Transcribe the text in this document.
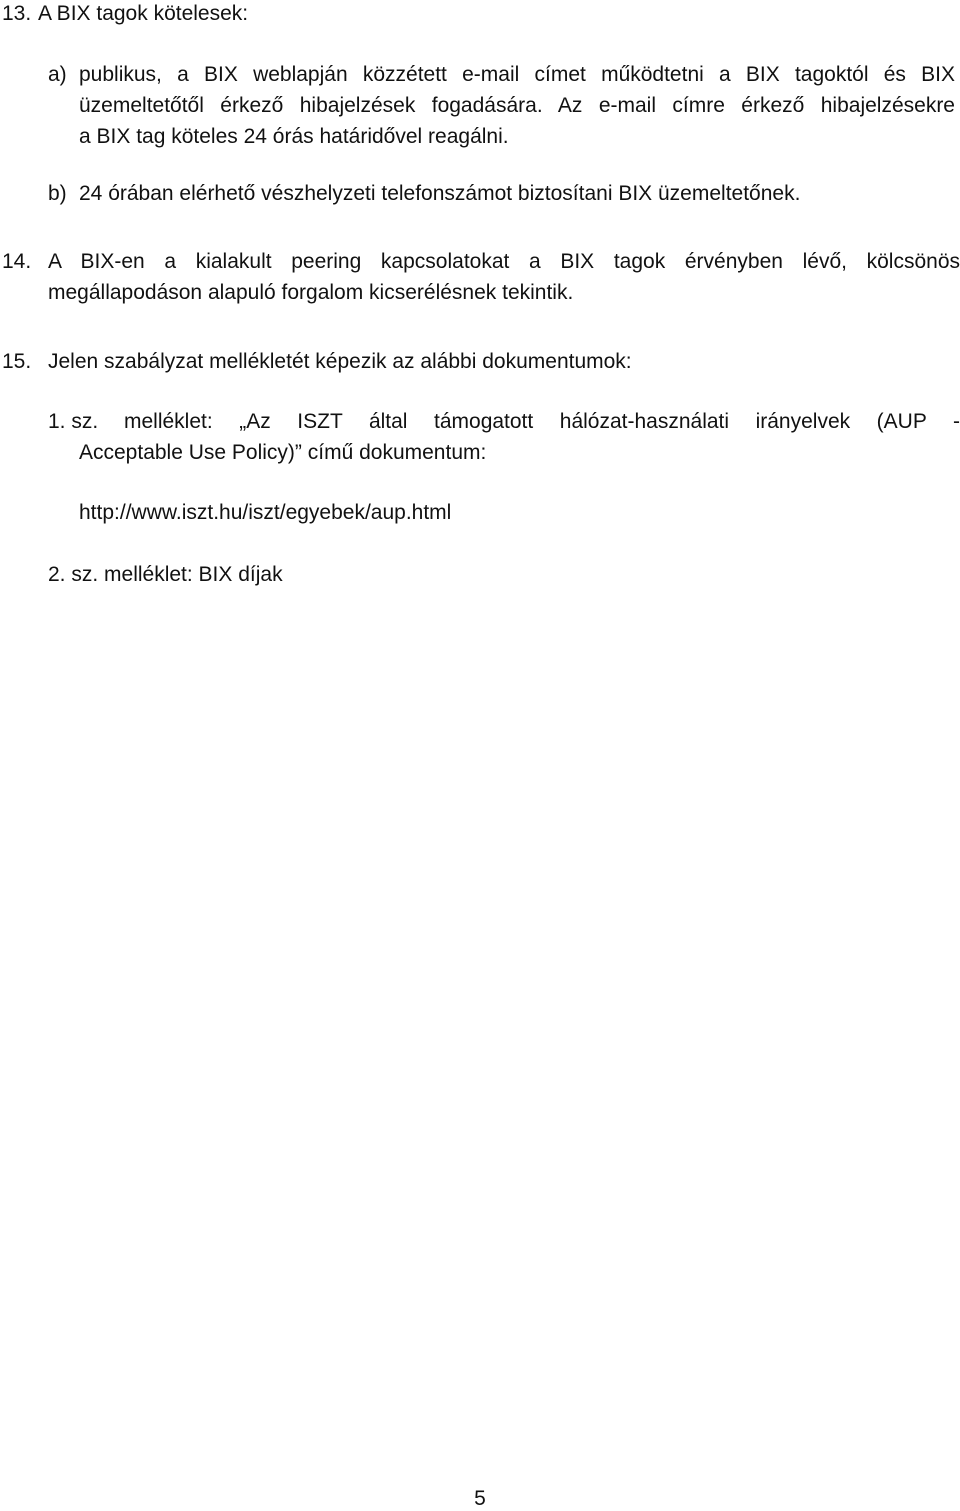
13. A BIX tagok kötelesek:
a) publikus, a BIX weblapján közzétett e-mail címet működtetni a BIX tagoktól és BIX
üzemeltetőtől érkező hibajelzések fogadására. Az e-mail címre érkező hibajelzésekre
a BIX tag köteles 24 órás határidővel reagálni.
b) 24 órában elérhető vészhelyzeti telefonszámot biztosítani BIX üzemeltetőnek.
14. A BIX-en a kialakult peering kapcsolatokat a BIX tagok érvényben lévő, kölcsönös
megállapodáson alapuló forgalom kicserélésnek tekintik.
15. Jelen szabályzat mellékletét képezik az alábbi dokumentumok:
1. sz. melléklet: „Az ISZT által támogatott hálózat-használati irányelvek (AUP -
Acceptable Use Policy)” című dokumentum:
http://www.iszt.hu/iszt/egyebek/aup.html
2. sz. melléklet: BIX díjak
5
